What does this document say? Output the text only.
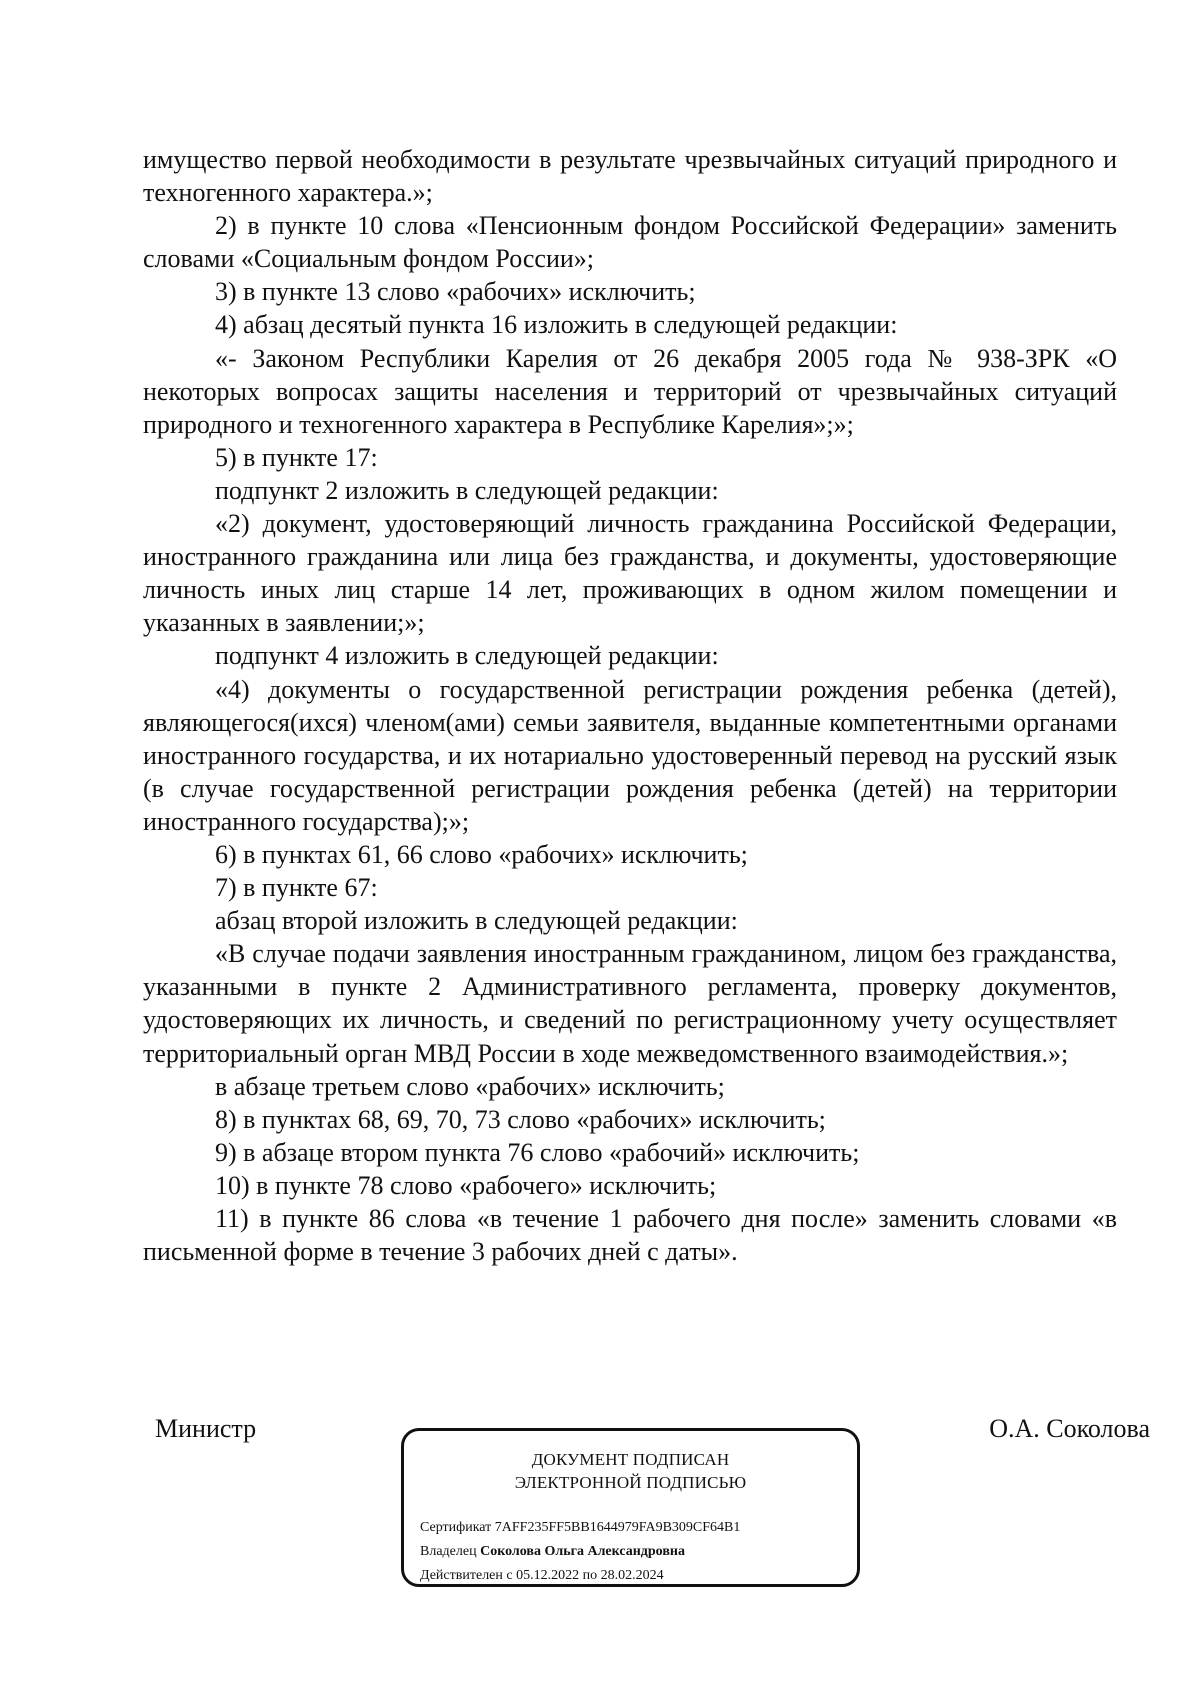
имущество первой необходимости в результате чрезвычайных ситуаций природного и техногенного характера.»;

2) в пункте 10 слова «Пенсионным фондом Российской Федерации» заменить словами «Социальным фондом России»;

3) в пункте 13 слово «рабочих» исключить;

4) абзац десятый пункта 16 изложить в следующей редакции:

«- Законом Республики Карелия от 26 декабря 2005 года № 938-ЗРК «О некоторых вопросах защиты населения и территорий от чрезвычайных ситуаций природного и техногенного характера в Республике Карелия»;»;

5) в пункте 17:

подпункт 2 изложить в следующей редакции:

«2) документ, удостоверяющий личность гражданина Российской Федерации, иностранного гражданина или лица без гражданства, и документы, удостоверяющие личность иных лиц старше 14 лет, проживающих в одном жилом помещении и указанных в заявлении;»;

подпункт 4 изложить в следующей редакции:

«4) документы о государственной регистрации рождения ребенка (детей), являющегося(ихся) членом(ами) семьи заявителя, выданные компетентными органами иностранного государства, и их нотариально удостоверенный перевод на русский язык (в случае государственной регистрации рождения ребенка (детей) на территории иностранного государства);»;

6) в пунктах 61, 66 слово «рабочих» исключить;

7) в пункте 67:

абзац второй изложить в следующей редакции:

«В случае подачи заявления иностранным гражданином, лицом без гражданства, указанными в пункте 2 Административного регламента, проверку документов, удостоверяющих их личность, и сведений по регистрационному учету осуществляет территориальный орган МВД России в ходе межведомственного взаимодействия.»;

в абзаце третьем слово «рабочих» исключить;

8) в пунктах 68, 69, 70, 73 слово «рабочих» исключить;

9) в абзаце втором пункта 76 слово «рабочий» исключить;

10) в пункте 78 слово «рабочего» исключить;

11) в пункте 86 слова «в течение 1 рабочего дня после» заменить словами «в письменной форме в течение 3 рабочих дней с даты».

Министр	О.А. Соколова
ДОКУМЕНТ ПОДПИСАН
ЭЛЕКТРОННОЙ ПОДПИСЬЮ
Сертификат 7AFF235FF5BB1644979FA9B309CF64B1
Владелец Соколова Ольга Александровна
Действителен с 05.12.2022 по 28.02.2024
